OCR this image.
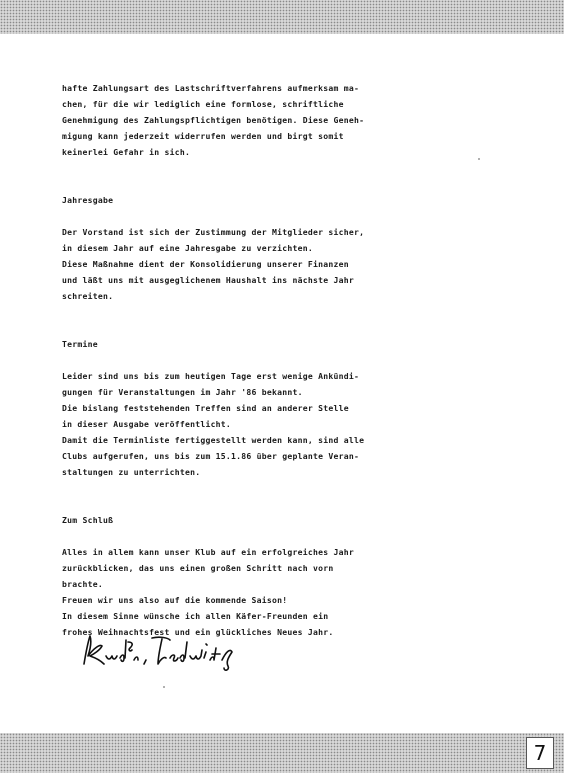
hafte Zahlungsart des Lastschriftverfahrens aufmerksam ma-
chen, für die wir lediglich eine formlose, schriftliche
Genehmigung des Zahlungspflichtigen benötigen. Diese Geneh-
migung kann jederzeit widerrufen werden und birgt somit
keinerlei Gefahr in sich.

Jahresgabe

Der Vorstand ist sich der Zustimmung der Mitglieder sicher,
in diesem Jahr auf eine Jahresgabe zu verzichten.
Diese Maßnahme dient der Konsolidierung unserer Finanzen
und läßt uns mit ausgeglichenem Haushalt ins nächste Jahr
schreiten.

Termine

Leider sind uns bis zum heutigen Tage erst wenige Ankündi-
gungen für Veranstaltungen im Jahr '86 bekannt.
Die bislang feststehenden Treffen sind an anderer Stelle
in dieser Ausgabe veröffentlicht.
Damit die Terminliste fertiggestellt werden kann, sind alle
Clubs aufgerufen, uns bis zum 15.1.86 über geplante Veran-
staltungen zu unterrichten.

Zum Schluß

Alles in allem kann unser Klub auf ein erfolgreiches Jahr
zurückblicken, das uns einen großen Schritt nach vorn
brachte.
Freuen wir uns also auf die kommende Saison!
In diesem Sinne wünsche ich allen Käfer-Freunden ein
frohes Weihnachtsfest und ein glückliches Neues Jahr.

7
